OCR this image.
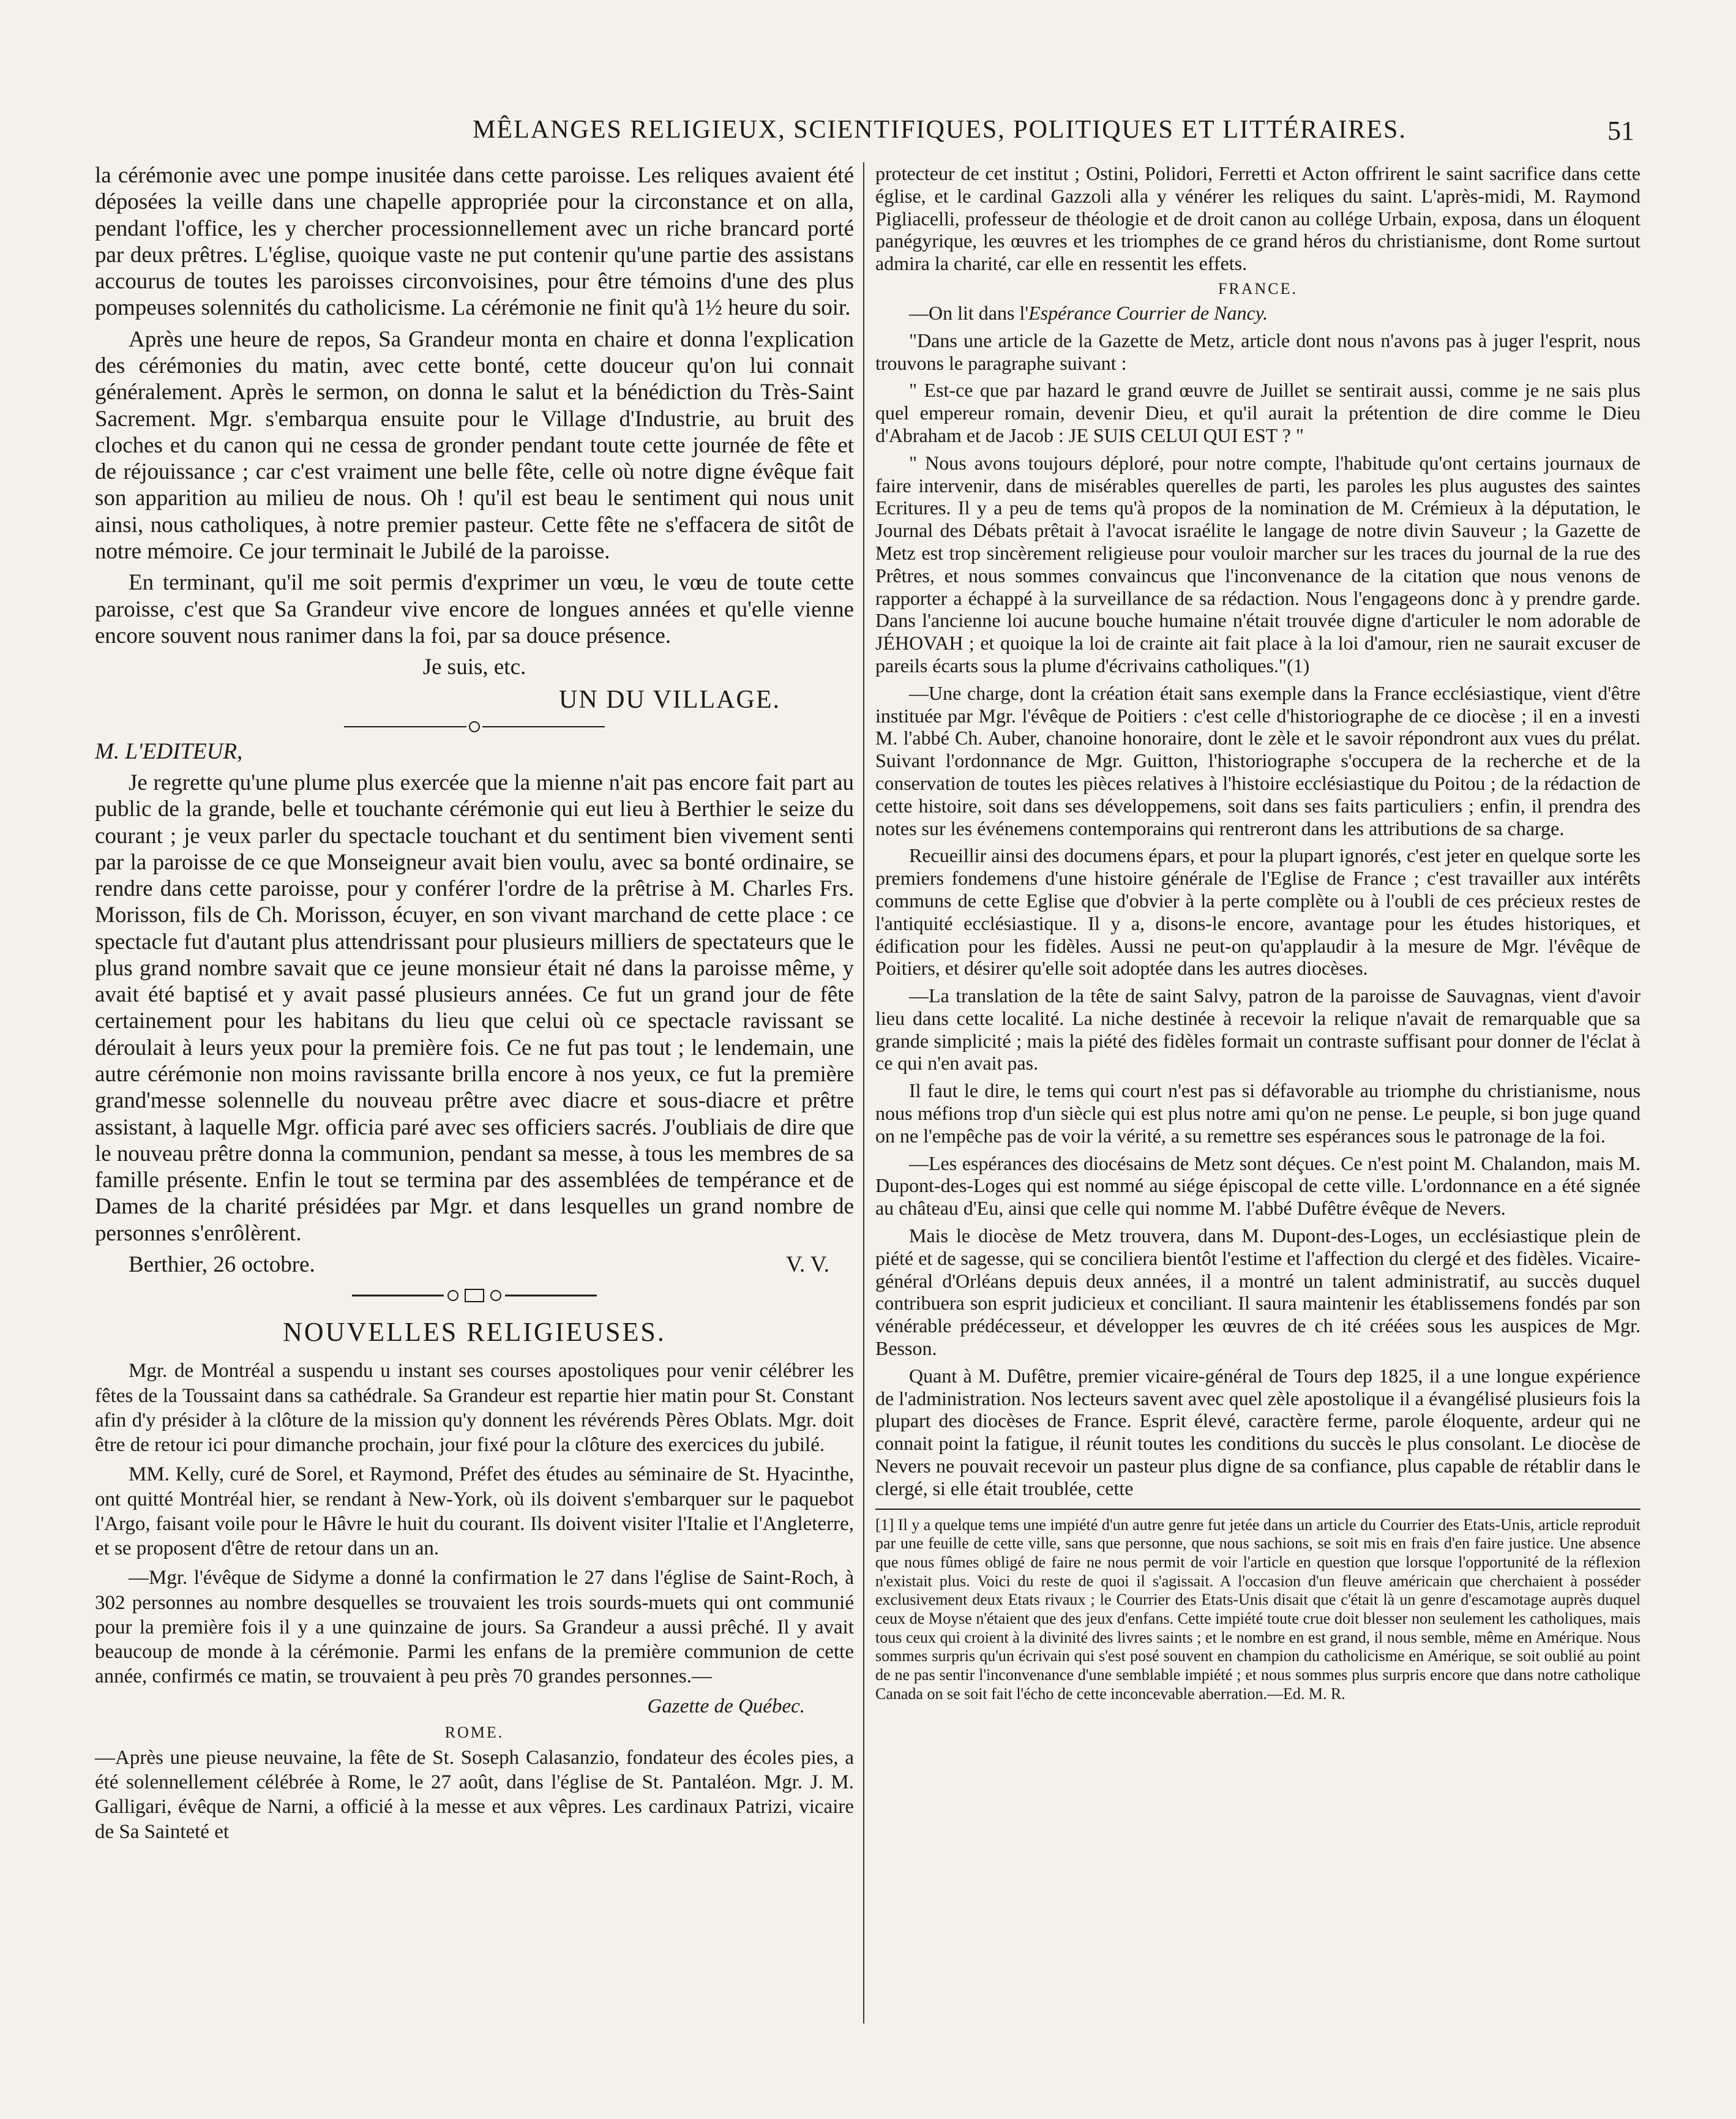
MÊLANGES RELIGIEUX, SCIENTIFIQUES, POLITIQUES ET LITTÉRAIRES.	51

la cérémonie avec une pompe inusitée dans cette paroisse. Les reliques avaient été déposées la veille dans une chapelle appropriée pour la circonstance et on alla, pendant l'office, les y chercher processionnellement avec un riche brancard porté par deux prêtres. L'église, quoique vaste ne put contenir qu'une partie des assistans accourus de toutes les paroisses circonvoisines, pour être témoins d'une des plus pompeuses solennités du catholicisme. La cérémonie ne finit qu'à 1½ heure du soir.

Après une heure de repos, Sa Grandeur monta en chaire et donna l'explication des cérémonies du matin, avec cette bonté, cette douceur qu'on lui connait généralement. Après le sermon, on donna le salut et la bénédiction du Très-Saint Sacrement. Mgr. s'embarqua ensuite pour le Village d'Industrie, au bruit des cloches et du canon qui ne cessa de gronder pendant toute cette journée de fête et de réjouissance ; car c'est vraiment une belle fête, celle où notre digne évêque fait son apparition au milieu de nous. Oh ! qu'il est beau le sentiment qui nous unit ainsi, nous catholiques, à notre premier pasteur. Cette fête ne s'effacera de sitôt de notre mémoire. Ce jour terminait le Jubilé de la paroisse.

En terminant, qu'il me soit permis d'exprimer un vœu, le vœu de toute cette paroisse, c'est que Sa Grandeur vive encore de longues années et qu'elle vienne encore souvent nous ranimer dans la foi, par sa douce présence.

Je suis, etc.

UN DU VILLAGE.

M. L'EDITEUR,

Je regrette qu'une plume plus exercée que la mienne n'ait pas encore fait part au public de la grande, belle et touchante cérémonie qui eut lieu à Berthier le seize du courant ; je veux parler du spectacle touchant et du sentiment bien vivement senti par la paroisse de ce que Monseigneur avait bien voulu, avec sa bonté ordinaire, se rendre dans cette paroisse, pour y conférer l'ordre de la prêtrise à M. Charles Frs. Morisson, fils de Ch. Morisson, écuyer, en son vivant marchand de cette place : ce spectacle fut d'autant plus attendrissant pour plusieurs milliers de spectateurs que le plus grand nombre savait que ce jeune monsieur était né dans la paroisse même, y avait été baptisé et y avait passé plusieurs années. Ce fut un grand jour de fête certainement pour les habitans du lieu que celui où ce spectacle ravissant se déroulait à leurs yeux pour la première fois. Ce ne fut pas tout ; le lendemain, une autre cérémonie non moins ravissante brilla encore à nos yeux, ce fut la première grand'messe solennelle du nouveau prêtre avec diacre et sous-diacre et prêtre assistant, à laquelle Mgr. officia paré avec ses officiers sacrés. J'oubliais de dire que le nouveau prêtre donna la communion, pendant sa messe, à tous les membres de sa famille présente. Enfin le tout se termina par des assemblées de tempérance et de Dames de la charité présidées par Mgr. et dans lesquelles un grand nombre de personnes s'enrôlèrent.

Berthier, 26 octobre.	V. V.

NOUVELLES RELIGIEUSES.

Mgr. de Montréal a suspendu u instant ses courses apostoliques pour venir célébrer les fêtes de la Toussaint dans sa cathédrale. Sa Grandeur est repartie hier matin pour St. Constant afin d'y présider à la clôture de la mission qu'y donnent les révérends Pères Oblats. Mgr. doit être de retour ici pour dimanche prochain, jour fixé pour la clôture des exercices du jubilé.

MM. Kelly, curé de Sorel, et Raymond, Préfet des études au séminaire de St. Hyacinthe, ont quitté Montréal hier, se rendant à New-York, où ils doivent s'embarquer sur le paquebot l'Argo, faisant voile pour le Hâvre le huit du courant. Ils doivent visiter l'Italie et l'Angleterre, et se proposent d'être de retour dans un an.

—Mgr. l'évêque de Sidyme a donné la confirmation le 27 dans l'église de Saint-Roch, à 302 personnes au nombre desquelles se trouvaient les trois sourds-muets qui ont communié pour la première fois il y a une quinzaine de jours. Sa Grandeur a aussi prêché. Il y avait beaucoup de monde à la cérémonie. Parmi les enfans de la première communion de cette année, confirmés ce matin, se trouvaient à peu près 70 grandes personnes.—

Gazette de Québec.

ROME.

—Après une pieuse neuvaine, la fête de St. Soseph Calasanzio, fondateur des écoles pies, a été solennellement célébrée à Rome, le 27 août, dans l'église de St. Pantaléon. Mgr. J. M. Galligari, évêque de Narni, a officié à la messe et aux vêpres. Les cardinaux Patrizi, vicaire de Sa Sainteté et

protecteur de cet institut ; Ostini, Polidori, Ferretti et Acton offrirent le saint sacrifice dans cette église, et le cardinal Gazzoli alla y vénérer les reliques du saint. L'après-midi, M. Raymond Pigliacelli, professeur de théologie et de droit canon au collége Urbain, exposa, dans un éloquent panégyrique, les œuvres et les triomphes de ce grand héros du christianisme, dont Rome surtout admira la charité, car elle en ressentit les effets.

FRANCE.

—On lit dans l'Espérance Courrier de Nancy.

"Dans une article de la Gazette de Metz, article dont nous n'avons pas à juger l'esprit, nous trouvons le paragraphe suivant :

" Est-ce que par hazard le grand œuvre de Juillet se sentirait aussi, comme je ne sais plus quel empereur romain, devenir Dieu, et qu'il aurait la prétention de dire comme le Dieu d'Abraham et de Jacob : JE SUIS CELUI QUI EST ? "

" Nous avons toujours déploré, pour notre compte, l'habitude qu'ont certains journaux de faire intervenir, dans de misérables querelles de parti, les paroles les plus augustes des saintes Ecritures. Il y a peu de tems qu'à propos de la nomination de M. Crémieux à la députation, le Journal des Débats prêtait à l'avocat israélite le langage de notre divin Sauveur ; la Gazette de Metz est trop sincèrement religieuse pour vouloir marcher sur les traces du journal de la rue des Prêtres, et nous sommes convaincus que l'inconvenance de la citation que nous venons de rapporter a échappé à la surveillance de sa rédaction. Nous l'engageons donc à y prendre garde. Dans l'ancienne loi aucune bouche humaine n'était trouvée digne d'articuler le nom adorable de JÉHOVAH ; et quoique la loi de crainte ait fait place à la loi d'amour, rien ne saurait excuser de pareils écarts sous la plume d'écrivains catholiques."(1)

—Une charge, dont la création était sans exemple dans la France ecclésiastique, vient d'être instituée par Mgr. l'évêque de Poitiers : c'est celle d'historiographe de ce diocèse ; il en a investi M. l'abbé Ch. Auber, chanoine honoraire, dont le zèle et le savoir répondront aux vues du prélat. Suivant l'ordonnance de Mgr. Guitton, l'historiographe s'occupera de la recherche et de la conservation de toutes les pièces relatives à l'histoire ecclésiastique du Poitou ; de la rédaction de cette histoire, soit dans ses développemens, soit dans ses faits particuliers ; enfin, il prendra des notes sur les événemens contemporains qui rentreront dans les attributions de sa charge.

Recueillir ainsi des documens épars, et pour la plupart ignorés, c'est jeter en quelque sorte les premiers fondemens d'une histoire générale de l'Eglise de France ; c'est travailler aux intérêts communs de cette Eglise que d'obvier à la perte complète ou à l'oubli de ces précieux restes de l'antiquité ecclésiastique. Il y a, disons-le encore, avantage pour les études historiques, et édification pour les fidèles. Aussi ne peut-on qu'applaudir à la mesure de Mgr. l'évêque de Poitiers, et désirer qu'elle soit adoptée dans les autres diocèses.

—La translation de la tête de saint Salvy, patron de la paroisse de Sauvagnas, vient d'avoir lieu dans cette localité. La niche destinée à recevoir la relique n'avait de remarquable que sa grande simplicité ; mais la piété des fidèles formait un contraste suffisant pour donner de l'éclat à ce qui n'en avait pas.

Il faut le dire, le tems qui court n'est pas si défavorable au triomphe du christianisme, nous nous méfions trop d'un siècle qui est plus notre ami qu'on ne pense. Le peuple, si bon juge quand on ne l'empêche pas de voir la vérité, a su remettre ses espérances sous le patronage de la foi.

—Les espérances des diocésains de Metz sont déçues. Ce n'est point M. Chalandon, mais M. Dupont-des-Loges qui est nommé au siége épiscopal de cette ville. L'ordonnance en a été signée au château d'Eu, ainsi que celle qui nomme M. l'abbé Dufêtre évêque de Nevers.

Mais le diocèse de Metz trouvera, dans M. Dupont-des-Loges, un ecclésiastique plein de piété et de sagesse, qui se conciliera bientôt l'estime et l'affection du clergé et des fidèles. Vicaire-général d'Orléans depuis deux années, il a montré un talent administratif, au succès duquel contribuera son esprit judicieux et conciliant. Il saura maintenir les établissemens fondés par son vénérable prédécesseur, et développer les œuvres de ch ité créées sous les auspices de Mgr. Besson.

Quant à M. Dufêtre, premier vicaire-général de Tours dep 1825, il a une longue expérience de l'administration. Nos lecteurs savent avec quel zèle apostolique il a évangélisé plusieurs fois la plupart des diocèses de France. Esprit élevé, caractère ferme, parole éloquente, ardeur qui ne connait point la fatigue, il réunit toutes les conditions du succès le plus consolant. Le diocèse de Nevers ne pouvait recevoir un pasteur plus digne de sa confiance, plus capable de rétablir dans le clergé, si elle était troublée, cette

[1] Il y a quelque tems une impiété d'un autre genre fut jetée dans un article du Courrier des Etats-Unis, article reproduit par une feuille de cette ville, sans que personne, que nous sachions, se soit mis en frais d'en faire justice. Une absence que nous fûmes obligé de faire ne nous permit de voir l'article en question que lorsque l'opportunité de la réflexion n'existait plus. Voici du reste de quoi il s'agissait. A l'occasion d'un fleuve américain que cherchaient à posséder exclusivement deux Etats rivaux ; le Courrier des Etats-Unis disait que c'était là un genre d'escamotage auprès duquel ceux de Moyse n'étaient que des jeux d'enfans. Cette impiété toute crue doit blesser non seulement les catholiques, mais tous ceux qui croient à la divinité des livres saints ; et le nombre en est grand, il nous semble, même en Amérique. Nous sommes surpris qu'un écrivain qui s'est posé souvent en champion du catholicisme en Amérique, se soit oublié au point de ne pas sentir l'inconvenance d'une semblable impiété ; et nous sommes plus surpris encore que dans notre catholique Canada on se soit fait l'écho de cette inconcevable aberration.—Ed. M. R.
